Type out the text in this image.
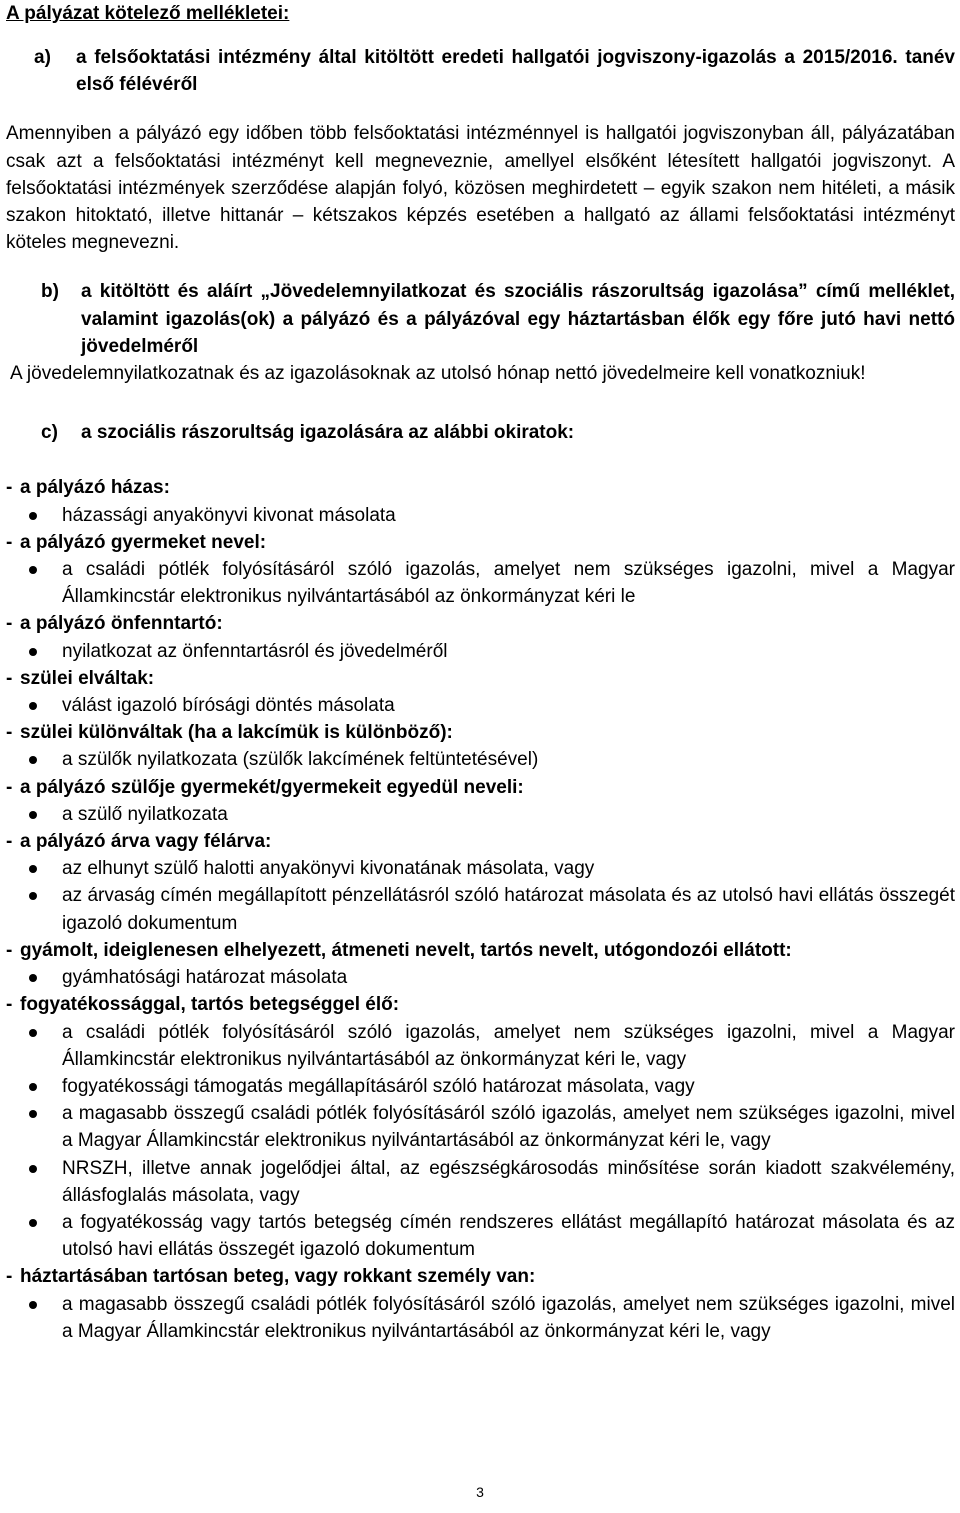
A pályázat kötelező mellékletei:

a)	a felsőoktatási intézmény által kitöltött eredeti hallgatói jogviszony-igazolás a 2015/2016. tanév első félévéről

Amennyiben a pályázó egy időben több felsőoktatási intézménnyel is hallgatói jogviszonyban áll, pályázatában csak azt a felsőoktatási intézményt kell megneveznie, amellyel elsőként létesített hallgatói jogviszonyt. A felsőoktatási intézmények szerződése alapján folyó, közösen meghirdetett – egyik szakon nem hitéleti, a másik szakon hitoktató, illetve hittanár – kétszakos képzés esetében a hallgató az állami felsőoktatási intézményt köteles megnevezni.

b)	a kitöltött és aláírt „Jövedelemnyilatkozat és szociális rászorultság igazolása” című melléklet, valamint igazolás(ok) a pályázó és a pályázóval egy háztartásban élők egy főre jutó havi nettó jövedelméről

A jövedelemnyilatkozatnak és az igazolásoknak az utolsó hónap nettó jövedelmeire kell vonatkozniuk!

c)	a szociális rászorultság igazolására az alábbi okiratok:
- a pályázó házas:
házassági anyakönyvi kivonat másolata
- a pályázó gyermeket nevel:
a családi pótlék folyósításáról szóló igazolás, amelyet nem szükséges igazolni, mivel a Magyar Államkincstár elektronikus nyilvántartásából az önkormányzat kéri le
- a pályázó önfenntartó:
nyilatkozat az önfenntartásról és jövedelméről
- szülei elváltak:
válást igazoló bírósági döntés másolata
- szülei különváltak (ha a lakcímük is különböző):
a szülők nyilatkozata (szülők lakcímének feltüntetésével)
- a pályázó szülője gyermekét/gyermekeit egyedül neveli:
a szülő nyilatkozata
- a pályázó árva vagy félárva:
az elhunyt szülő halotti anyakönyvi kivonatának másolata, vagy
az árvaság címén megállapított pénzellátásról szóló határozat másolata és az utolsó havi ellátás összegét igazoló dokumentum
- gyámolt, ideiglenesen elhelyezett, átmeneti nevelt, tartós nevelt, utógondozói ellátott:
gyámhatósági határozat másolata
- fogyatékossággal, tartós betegséggel élő:
a családi pótlék folyósításáról szóló igazolás, amelyet nem szükséges igazolni, mivel a Magyar Államkincstár elektronikus nyilvántartásából az önkormányzat kéri le, vagy
fogyatékossági támogatás megállapításáról szóló határozat másolata, vagy
a magasabb összegű családi pótlék folyósításáról szóló igazolás, amelyet nem szükséges igazolni, mivel a Magyar Államkincstár elektronikus nyilvántartásából az önkormányzat kéri le, vagy
NRSZH, illetve annak jogelődjei által, az egészségkárosodás minősítése során kiadott szakvélemény, állásfoglalás másolata, vagy
a fogyatékosság vagy tartós betegség címén rendszeres ellátást megállapító határozat másolata és az utolsó havi ellátás összegét igazoló dokumentum
- háztartásában tartósan beteg, vagy rokkant személy van:
a magasabb összegű családi pótlék folyósításáról szóló igazolás, amelyet nem szükséges igazolni, mivel a Magyar Államkincstár elektronikus nyilvántartásából az önkormányzat kéri le, vagy
3
